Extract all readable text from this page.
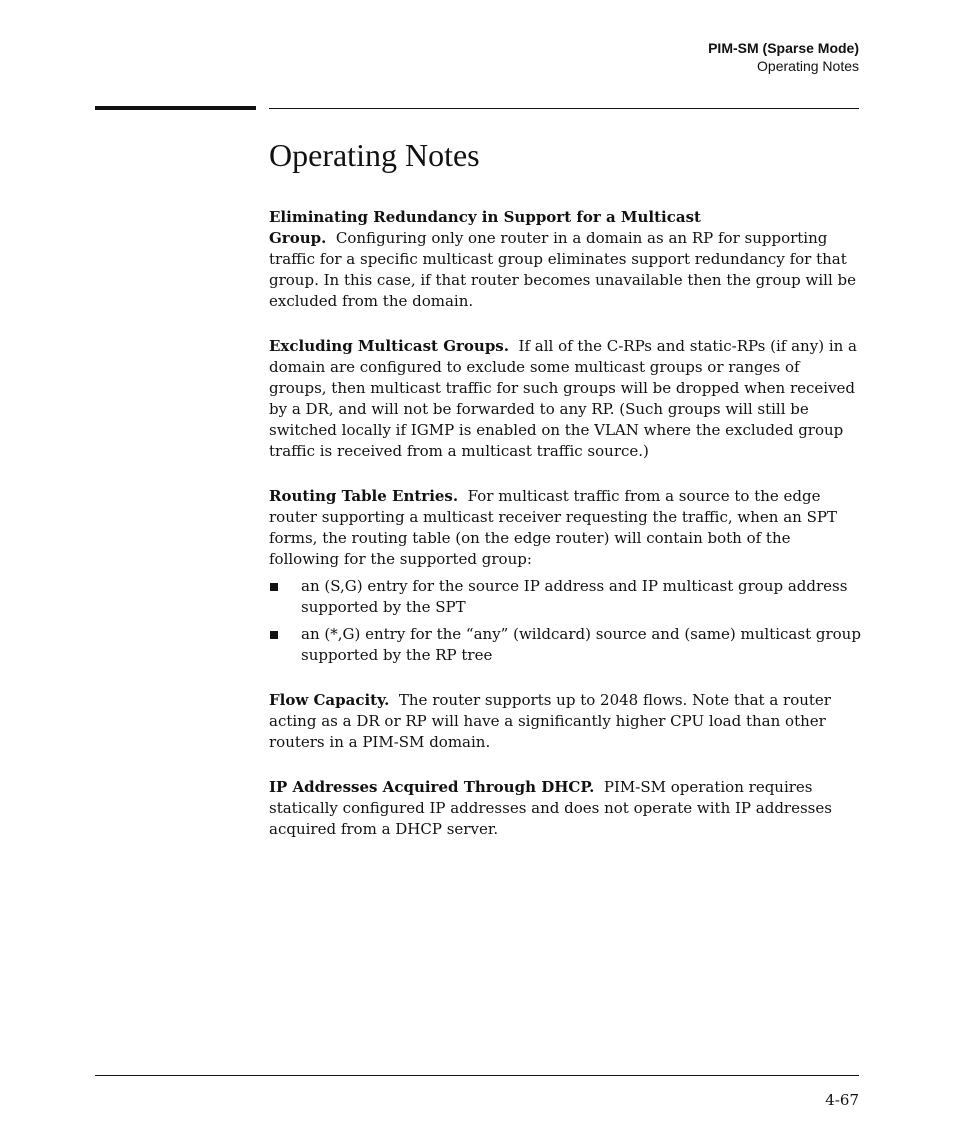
PIM-SM (Sparse Mode)
Operating Notes
Operating Notes

Eliminating Redundancy in Support for a Multicast Group. Configuring only one router in a domain as an RP for supporting traffic for a specific multicast group eliminates support redundancy for that group. In this case, if that router becomes unavailable then the group will be excluded from the domain.

Excluding Multicast Groups. If all of the C-RPs and static-RPs (if any) in a domain are configured to exclude some multicast groups or ranges of groups, then multicast traffic for such groups will be dropped when received by a DR, and will not be forwarded to any RP. (Such groups will still be switched locally if IGMP is enabled on the VLAN where the excluded group traffic is received from a multicast traffic source.)

Routing Table Entries. For multicast traffic from a source to the edge router supporting a multicast receiver requesting the traffic, when an SPT forms, the routing table (on the edge router) will contain both of the following for the supported group:

an (S,G) entry for the source IP address and IP multicast group address supported by the SPT
an (*,G) entry for the “any” (wildcard) source and (same) multicast group supported by the RP tree

Flow Capacity. The router supports up to 2048 flows. Note that a router acting as a DR or RP will have a significantly higher CPU load than other routers in a PIM-SM domain.

IP Addresses Acquired Through DHCP. PIM-SM operation requires statically configured IP addresses and does not operate with IP addresses acquired from a DHCP server.

4-67
